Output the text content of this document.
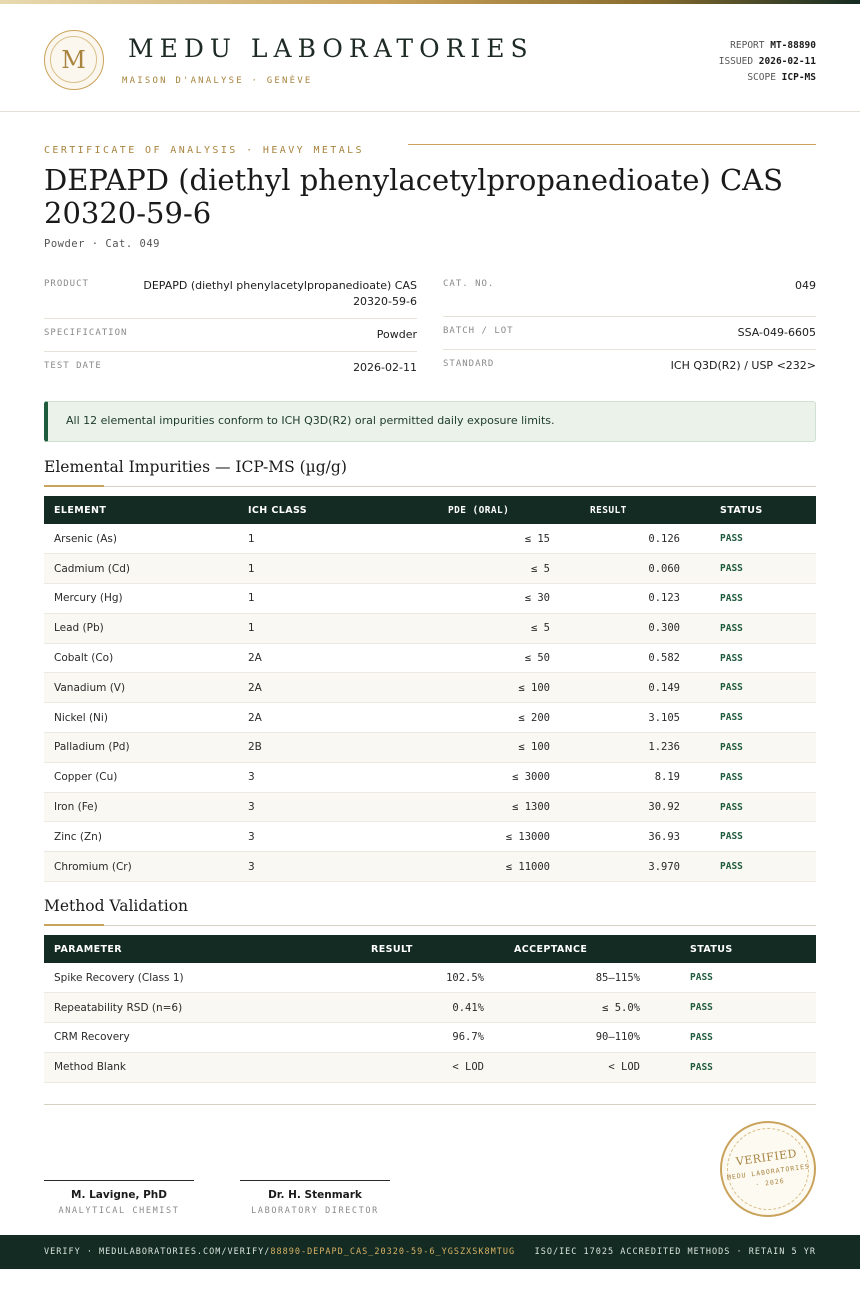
M	MEDU LABORATORIES
MAISON D'ANALYSE · GENÈVE
REPORT MT-88890
ISSUED 2026-02-11
SCOPE ICP-MS
CERTIFICATE OF ANALYSIS · HEAVY METALS
DEPAPD (diethyl phenylacetylpropanedioate) CAS 20320-59-6
Powder · Cat. 049
PRODUCT	DEPAPD (diethyl phenylacetylpropanedioate) CAS 20320-59-6
SPECIFICATION	Powder
TEST DATE	2026-02-11
CAT. NO.	049
BATCH / LOT	SSA-049-6605
STANDARD	ICH Q3D(R2) / USP <232>
All 12 elemental impurities conform to ICH Q3D(R2) oral permitted daily exposure limits.
Elemental Impurities — ICP-MS (µg/g)
ELEMENT	ICH CLASS	PDE (ORAL)	RESULT	STATUS
Arsenic (As)	1	≤ 15	0.126	PASS
Cadmium (Cd)	1	≤ 5	0.060	PASS
Mercury (Hg)	1	≤ 30	0.123	PASS
Lead (Pb)	1	≤ 5	0.300	PASS
Cobalt (Co)	2A	≤ 50	0.582	PASS
Vanadium (V)	2A	≤ 100	0.149	PASS
Nickel (Ni)	2A	≤ 200	3.105	PASS
Palladium (Pd)	2B	≤ 100	1.236	PASS
Copper (Cu)	3	≤ 3000	8.19	PASS
Iron (Fe)	3	≤ 1300	30.92	PASS
Zinc (Zn)	3	≤ 13000	36.93	PASS
Chromium (Cr)	3	≤ 11000	3.970	PASS
Method Validation
PARAMETER	RESULT	ACCEPTANCE	STATUS
Spike Recovery (Class 1)	102.5%	85–115%	PASS
Repeatability RSD (n=6)	0.41%	≤ 5.0%	PASS
CRM Recovery	96.7%	90–110%	PASS
Method Blank	< LOD	< LOD	PASS
M. Lavigne, PhD
ANALYTICAL CHEMIST
Dr. H. Stenmark
LABORATORY DIRECTOR
VERIFIED
MEDU LABORATORIES · 2026
VERIFY · MEDULABORATORIES.COM/VERIFY/88890-DEPAPD_CAS_20320-59-6_YGSZXSK8MTUG ISO/IEC 17025 ACCREDITED METHODS · RETAIN 5 YR
